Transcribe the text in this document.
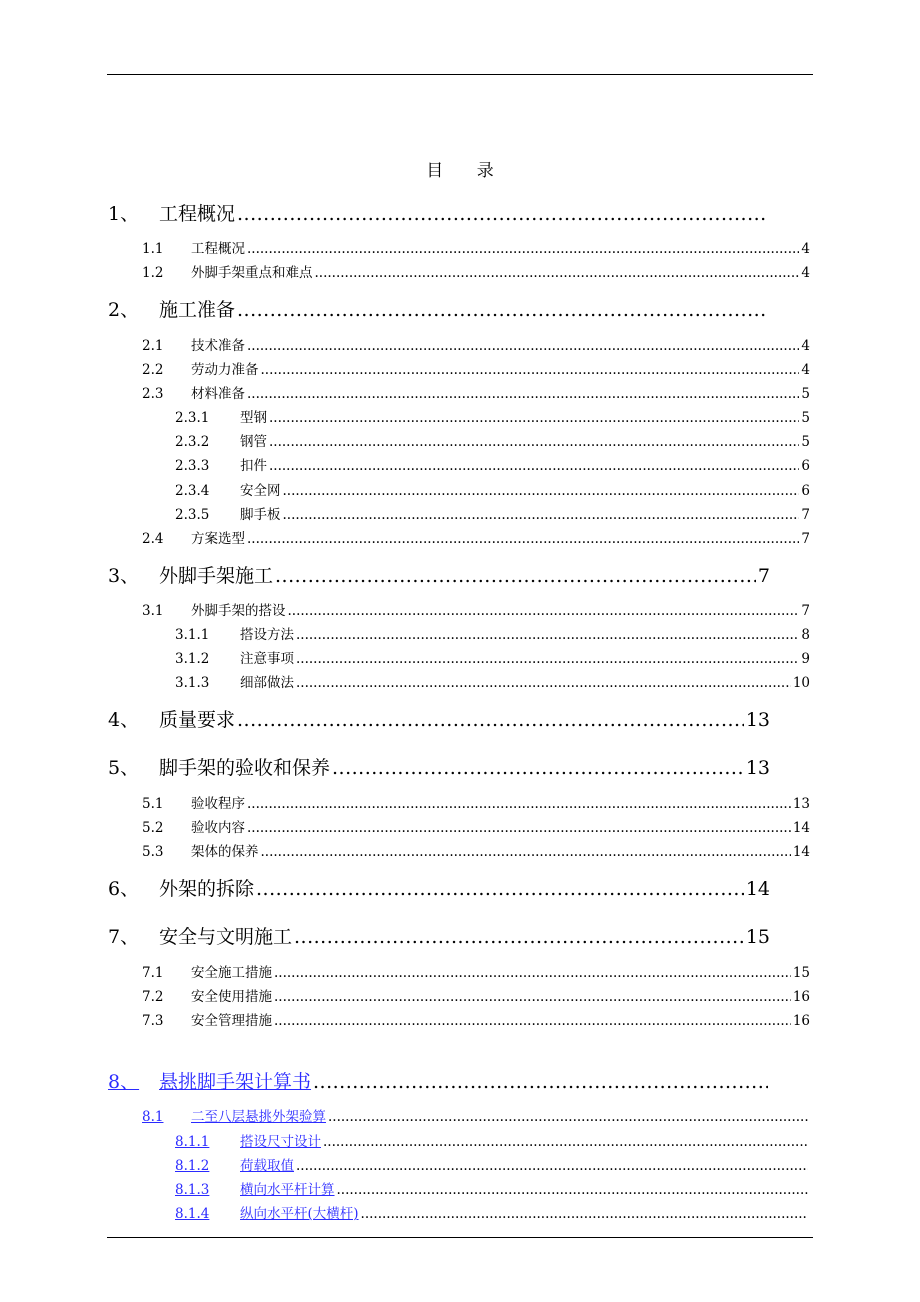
目 录
1、	工程概况
.....
1.1	工程概况 .....	4
1.2	外脚手架重点和难点 .....	4
2、	施工准备
.....
2.1	技术准备 .....	4
2.2	劳动力准备 .....	4
2.3	材料准备 .....	5
2.3.1	型钢 .....	5
2.3.2	钢管 .....	5
2.3.3	扣件 .....	6
2.3.4	安全网 .....	6
2.3.5	脚手板 .....	7
2.4	方案选型 .....	7
3、	外脚手架施工 .....	7
3.1	外脚手架的搭设 .....	7
3.1.1	搭设方法 .....	8
3.1.2	注意事项 .....	9
3.1.3	细部做法 .....	10
4、	质量要求 .....	13
5、	脚手架的验收和保养 .....	13
5.1	验收程序 .....	13
5.2	验收内容 .....	14
5.3	架体的保养 .....	14
6、	外架的拆除 .....	14
7、	安全与文明施工 .....	15
7.1	安全施工措施 .....	15
7.2	安全使用措施 .....	16
7.3	安全管理措施 .....	16
8、	悬挑脚手架计算书
.....
8.1	二至八层悬挑外架验算
.....
8.1.1	搭设尺寸设计
.....
8.1.2	荷载取值
.....
8.1.3	横向水平杆计算
.....
8.1.4	纵向水平杆(大横杆)
.....
